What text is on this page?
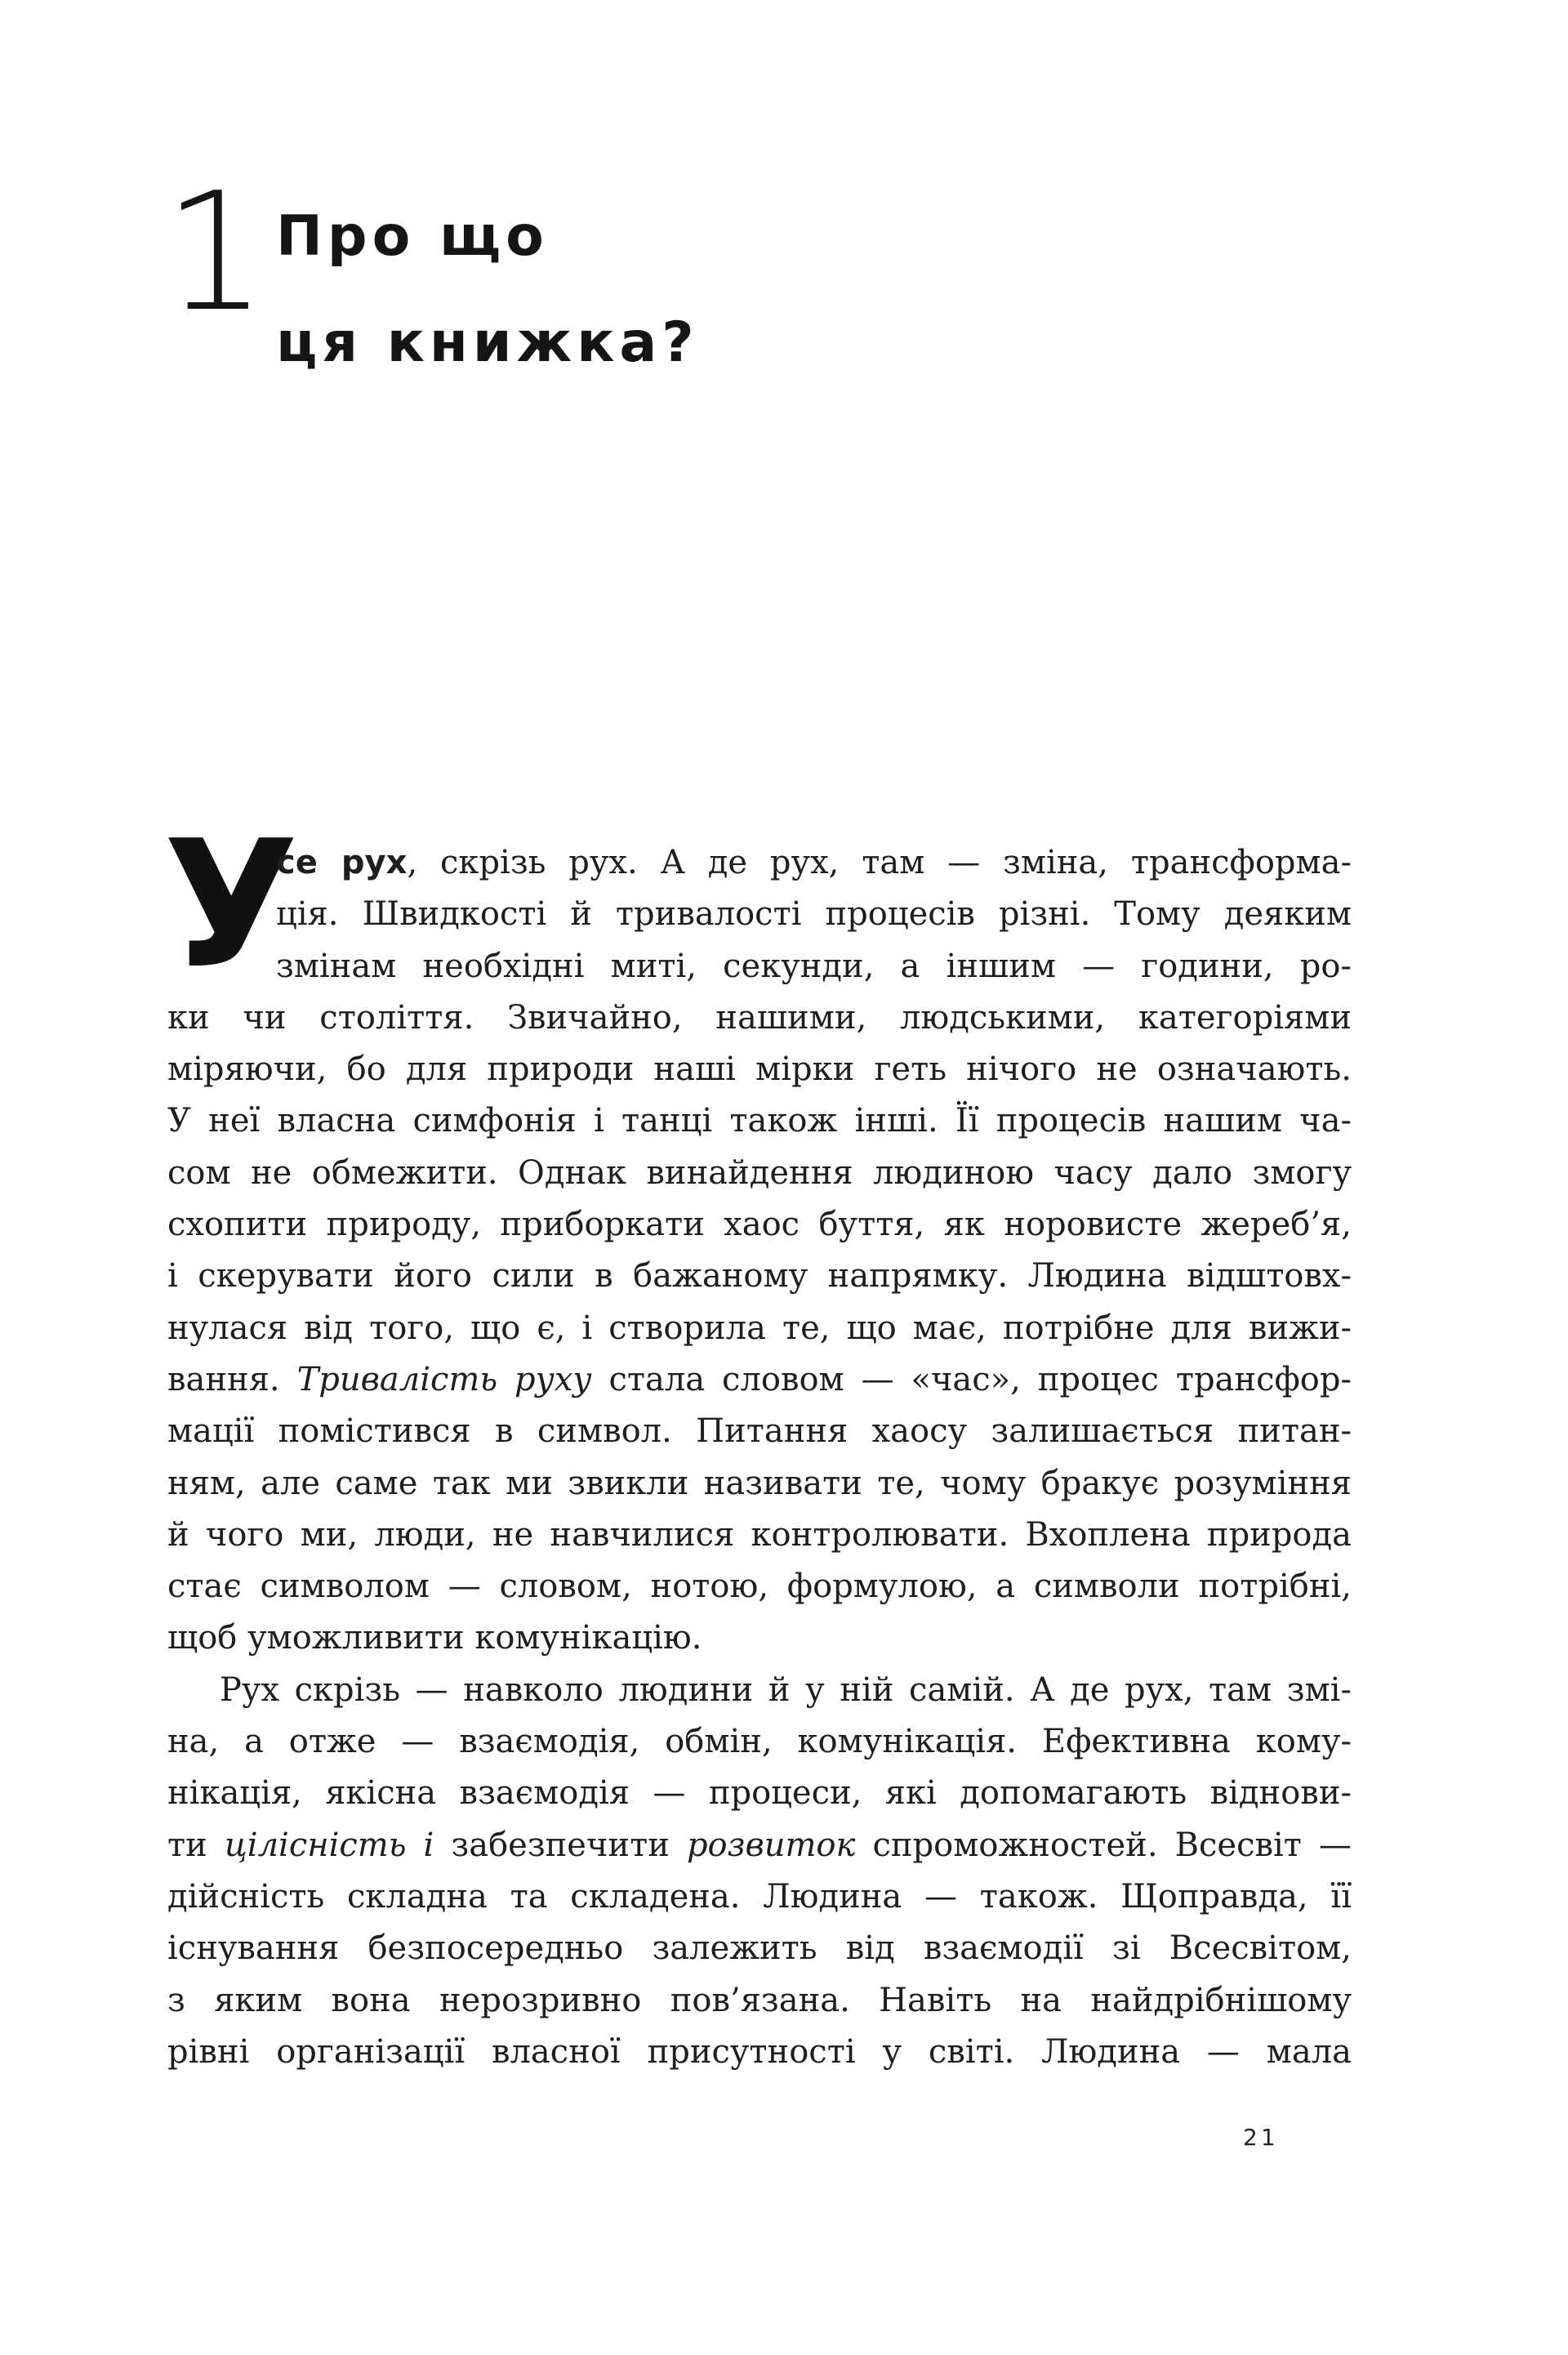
1 Про що
ця книжка?
У
се рух, скрізь рух. А де рух, там — зміна, трансформа-
ція. Швидкості й тривалості процесів різні. Тому деяким
змінам необхідні миті, секунди, а іншим — години, ро-
ки чи століття. Звичайно, нашими, людськими, категоріями
міряючи, бо для природи наші мірки геть нічого не означають.
У неї власна симфонія і танці також інші. Її процесів нашим ча-
сом не обмежити. Однак винайдення людиною часу дало змогу
схопити природу, приборкати хаос буття, як норовисте жереб’я,
і скерувати його сили в бажаному напрямку. Людина відштовх-
нулася від того, що є, і створила те, що має, потрібне для вижи-
вання. Тривалість руху стала словом — «час», процес трансфор-
мації помістився в символ. Питання хаосу залишається питан-
ням, але саме так ми звикли називати те, чому бракує розуміння
й чого ми, люди, не навчилися контролювати. Вхоплена природа
стає символом — словом, нотою, формулою, а символи потрібні,
щоб уможливити комунікацію.
Рух скрізь — навколо людини й у ній самій. А де рух, там змі-
на, а отже — взаємодія, обмін, комунікація. Ефективна кому-
нікація, якісна взаємодія — процеси, які допомагають віднови-
ти цілісність і забезпечити розвиток спроможностей. Всесвіт —
дійсність складна та складена. Людина — також. Щоправда, її
існування безпосередньо залежить від взаємодії зі Всесвітом,
з яким вона нерозривно пов’язана. Навіть на найдрібнішому
рівні організації власної присутності у світі. Людина — мала
21
